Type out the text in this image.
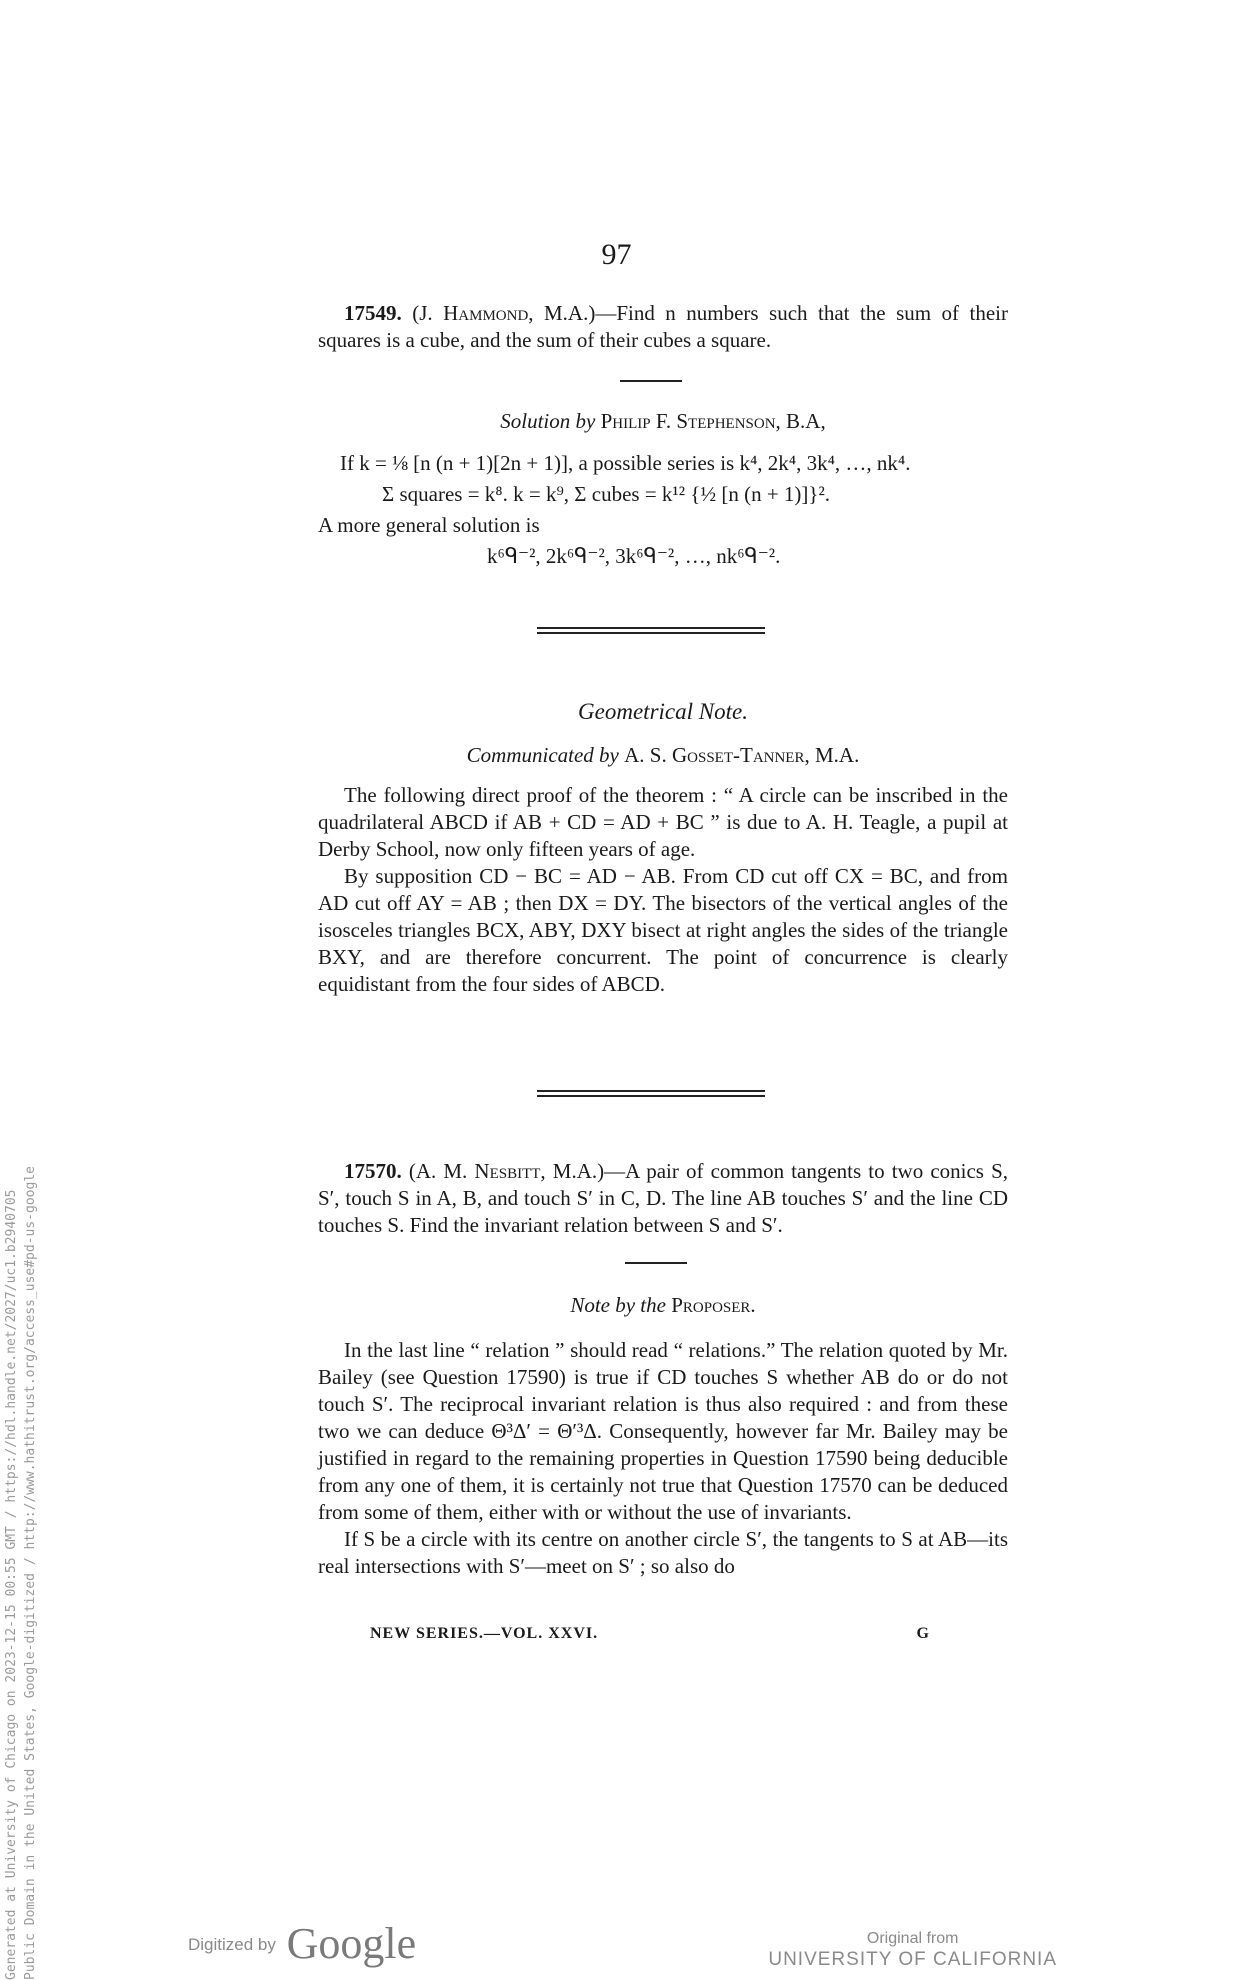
97

17549. (J. Hammond, M.A.)—Find n numbers such that the sum of their squares is a cube, and the sum of their cubes a square.

Solution by Philip F. Stephenson, B.A,
If k = ⅛ [n (n + 1)[2n + 1)], a possible series is k⁴, 2k⁴, 3k⁴, …, nk⁴.
Σ squares = k⁸. k = k⁹, Σ cubes = k¹² {½ [n (n + 1)]}².
A more general solution is
k⁶ᑫ⁻², 2k⁶ᑫ⁻², 3k⁶ᑫ⁻², …, nk⁶ᑫ⁻².
Geometrical Note.
Communicated by A. S. Gosset-Tanner, M.A.

The following direct proof of the theorem : “ A circle can be inscribed in the quadrilateral ABCD if AB + CD = AD + BC ” is due to A. H. Teagle, a pupil at Derby School, now only fifteen years of age.

By supposition CD − BC = AD − AB. From CD cut off CX = BC, and from AD cut off AY = AB ; then DX = DY. The bisectors of the vertical angles of the isosceles triangles BCX, ABY, DXY bisect at right angles the sides of the triangle BXY, and are therefore concurrent. The point of concurrence is clearly equidistant from the four sides of ABCD.

17570. (A. M. Nesbitt, M.A.)—A pair of common tangents to two conics S, S′, touch S in A, B, and touch S′ in C, D. The line AB touches S′ and the line CD touches S. Find the invariant relation between S and S′.

Note by the Proposer.

In the last line “ relation ” should read “ relations.” The relation quoted by Mr. Bailey (see Question 17590) is true if CD touches S whether AB do or do not touch S′. The reciprocal invariant relation is thus also required : and from these two we can deduce Θ³Δ′ = Θ′³Δ. Consequently, however far Mr. Bailey may be justified in regard to the remaining properties in Question 17590 being deducible from any one of them, it is certainly not true that Question 17570 can be deduced from some of them, either with or without the use of invariants.

If S be a circle with its centre on another circle S′, the tangents to S at AB—its real intersections with S′—meet on S′ ; so also do

NEW SERIES.—VOL. XXVI.	G
Generated at University of Chicago on 2023-12-15 00:55 GMT / https://hdl.handle.net/2027/uc1.b2940705 Public Domain in the United States, Google-digitized / http://www.hathitrust.org/access_use#pd-us-google	Digitized by Google	Original from
UNIVERSITY OF CALIFORNIA
